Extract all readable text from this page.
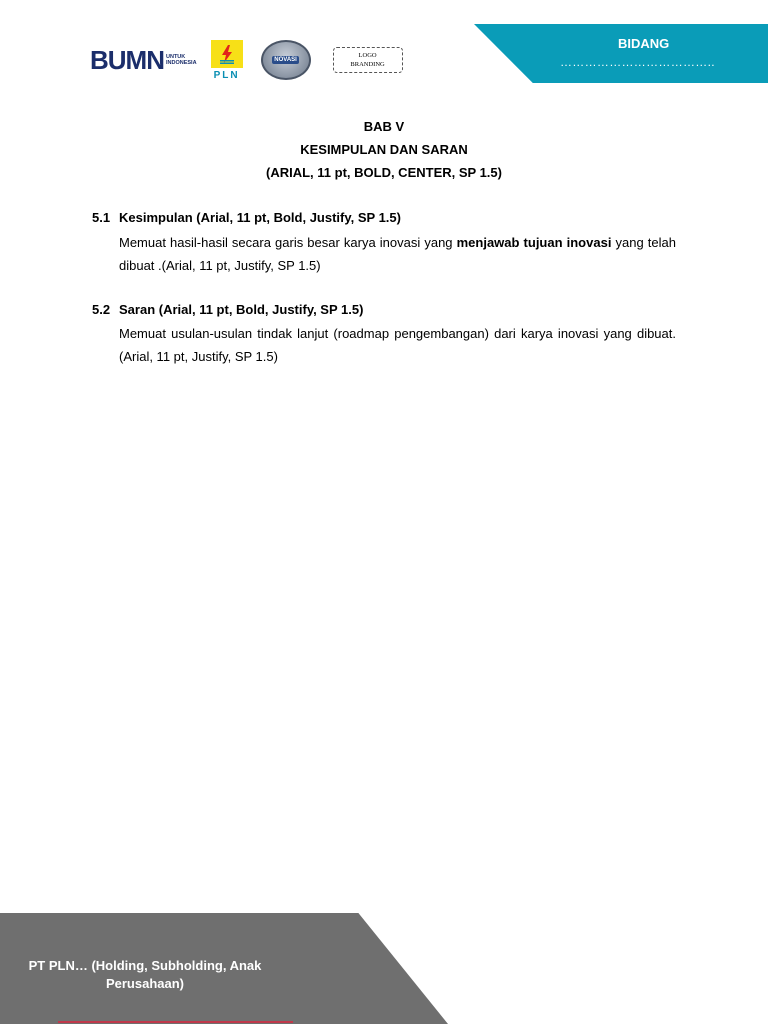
BUMN UNTUK
INDONESIA
PLN
NOVASI
LOGO
BRANDING
BIDANG
………………………………..
BAB V
KESIMPULAN DAN SARAN
(ARIAL, 11 pt, BOLD, CENTER, SP 1.5)
5.1 Kesimpulan (Arial, 11 pt, Bold, Justify, SP 1.5)
Memuat hasil-hasil secara garis besar karya inovasi yang menjawab tujuan inovasi yang telah dibuat .(Arial, 11 pt, Justify, SP 1.5)
5.2 Saran (Arial, 11 pt, Bold, Justify, SP 1.5)
Memuat usulan-usulan tindak lanjut (roadmap pengembangan) dari karya inovasi yang dibuat. (Arial, 11 pt, Justify, SP 1.5)
PT PLN… (Holding, Subholding, Anak
Perusahaan)
